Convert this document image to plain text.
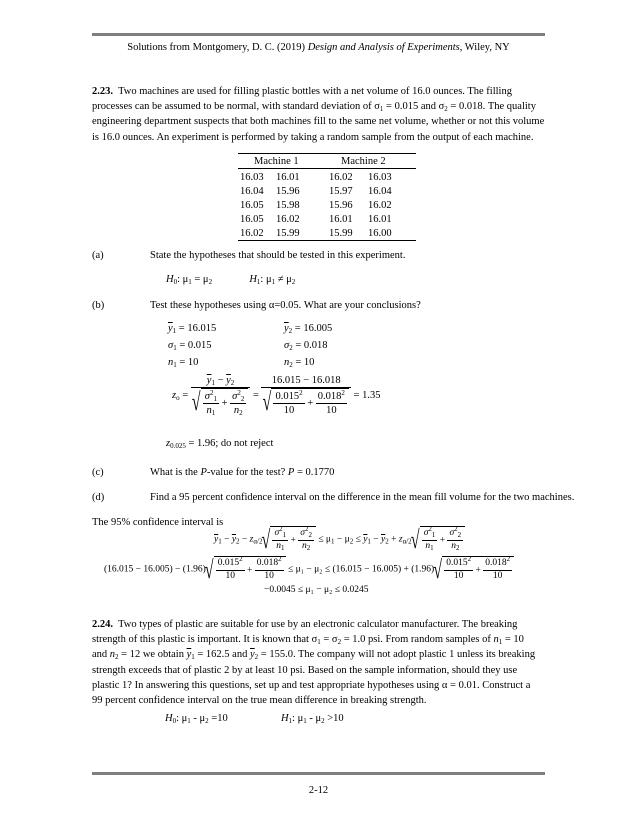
Solutions from Montgomery, D. C. (2019) Design and Analysis of Experiments, Wiley, NY
2.23. Two machines are used for filling plastic bottles with a net volume of 16.0 ounces. The filling
processes can be assumed to be normal, with standard deviation of $\sigma_1 = 0.015$ and $\sigma_2 = 0.018$. The quality
engineering department suspects that both machines fill to the same net volume, whether or not this volume
is 16.0 ounces. An experiment is performed by taking a random sample from the output of each machine.
Machine 1	Machine 2
16.03 16.01	16.02 16.03
16.04 15.96	15.97 16.04
16.05 15.98	15.96 16.02
16.05 16.02	16.01 16.01
16.02 15.99	15.99 16.00
(a)	State the hypotheses that should be tested in this experiment.
$H_0$: $\mu_1 = \mu_2$	$H_1$: $\mu_1 \ne \mu_2$
(b)	Test these hypotheses using α=0.05. What are your conclusions?
$\overline{y}_1 = 16.015$	$\overline{y}_2 = 16.005$
$\sigma_1 = 0.015$	$\sigma_2 = 0.018$
$n_1 = 10$	$n_2 = 10$
$z_o = \overline{y}_1 - \overline{y}_2$
√ $\frac{\sigma^2_1}{n_1} + \frac{\sigma^2_2}{n_2} = 16.015 - 16.018$
√ $\frac{0.015^2}{10} + \frac{0.018^2}{10} = 1.35$
$z_{0.025} = 1.96$; do not reject
(c)	What is the P-value for the test? P = 0.1770
(d)	Find a 95 percent confidence interval on the difference in the mean fill volume for the two machines.
The 95% confidence interval is
$\overline{y}_1 - \overline{y}_2 - z_{\alpha/2}$ √ $\frac{\sigma^2_1}{n_1} + \frac{\sigma^2_2}{n_2} \le \mu_1 - \mu_2 \le \overline{y}_1 - \overline{y}_2 + z_{\alpha/2}$ √ $\frac{\sigma^2_1}{n_1} + \frac{\sigma^2_2}{n_2}$
(16.015 − 16.005) − (1.96) √ $\frac{0.015^2}{10} + \frac{0.018^2}{10} \le \mu_1 - \mu_2 \le (16.015 - 16.005) + (1.96)$ √ $\frac{0.015^2}{10} + \frac{0.018^2}{10}$
−0.0045 ≤ μ₁ − μ₂ ≤ 0.0245
2.24. Two types of plastic are suitable for use by an electronic calculator manufacturer. The breaking
strength of this plastic is important. It is known that $\sigma_1 = \sigma_2 = 1.0$ psi. From random samples of $n_1 = 10$
and $n_2 = 12$ we obtain $\overline{y}_1 = 162.5$ and $\overline{y}_2 = 155.0$. The company will not adopt plastic 1 unless its breaking
strength exceeds that of plastic 2 by at least 10 psi. Based on the sample information, should they use
plastic 1? In answering this questions, set up and test appropriate hypotheses using α = 0.01. Construct a
99 percent confidence interval on the true mean difference in breaking strength.
$H_0$: $\mu_1 - \mu_2 =10$	$H_1$: $\mu_1 - \mu_2 >10$
2-12
